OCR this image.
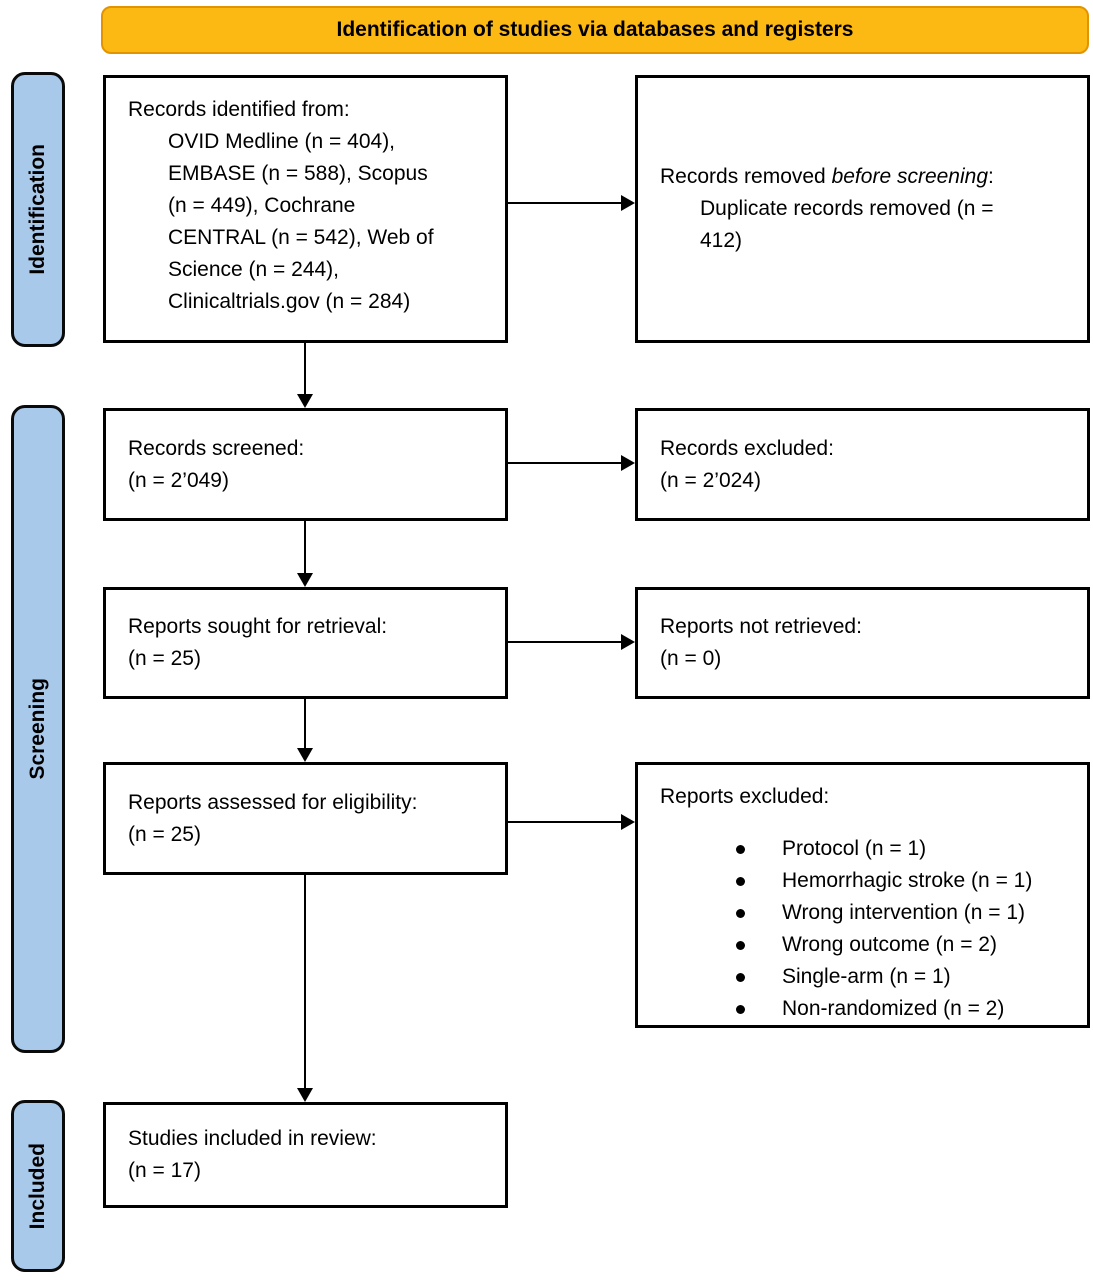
Identification of studies via databases and registers
Identification
Screening
Included
Records identified from:
OVID Medline (n = 404),
EMBASE (n = 588), Scopus
(n = 449), Cochrane
CENTRAL (n = 542), Web of
Science (n = 244),
Clinicaltrials.gov (n = 284)
Records removed before screening:
Duplicate records removed (n =
412)
Records screened:
(n = 2’049)
Records excluded:
(n = 2’024)
Reports sought for retrieval:
(n = 25)
Reports not retrieved:
(n = 0)
Reports assessed for eligibility:
(n = 25)
Reports excluded:
Protocol (n = 1)
Hemorrhagic stroke (n = 1)
Wrong intervention (n = 1)
Wrong outcome (n = 2)
Single-arm (n = 1)
Non-randomized (n = 2)
Studies included in review:
(n = 17)
